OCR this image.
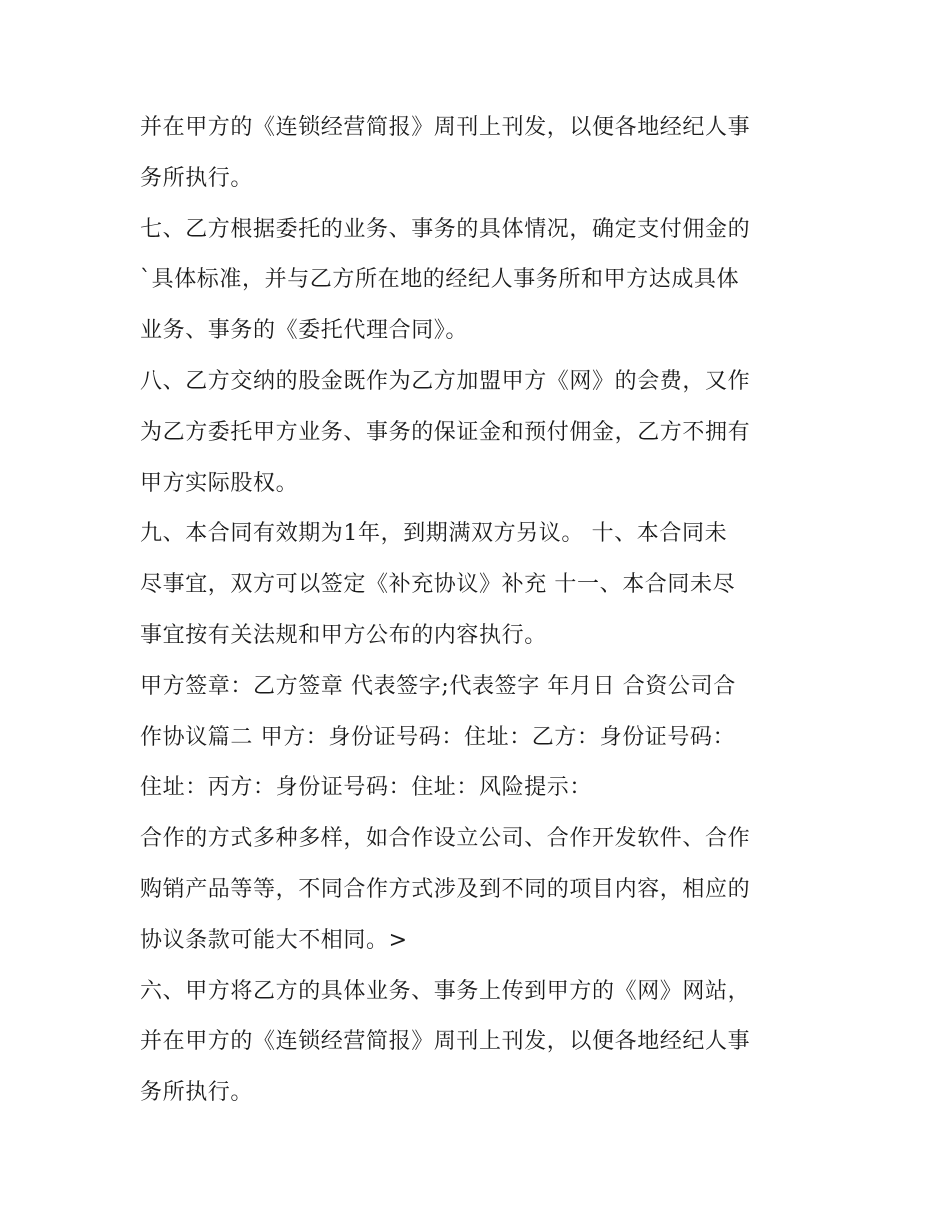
并在甲方的《连锁经营简报》周刊上刊发，以便各地经纪人事
务所执行。
七、乙方根据委托的业务、事务的具体情况，确定支付佣金的
`具体标准，并与乙方所在地的经纪人事务所和甲方达成具体
业务、事务的《委托代理合同》。
八、乙方交纳的股金既作为乙方加盟甲方《网》的会费，又作
为乙方委托甲方业务、事务的保证金和预付佣金，乙方不拥有
甲方实际股权。
九、本合同有效期为1年，到期满双方另议。 十、本合同未
尽事宜，双方可以签定《补充协议》补充 十一、本合同未尽
事宜按有关法规和甲方公布的内容执行。
甲方签章：乙方签章 代表签字;代表签字 年月日 合资公司合
作协议篇二 甲方：身份证号码：住址：乙方：身份证号码：
住址：丙方：身份证号码：住址：风险提示：
合作的方式多种多样，如合作设立公司、合作开发软件、合作
购销产品等等，不同合作方式涉及到不同的项目内容，相应的
协议条款可能大不相同。>
六、甲方将乙方的具体业务、事务上传到甲方的《网》网站，
并在甲方的《连锁经营简报》周刊上刊发，以便各地经纪人事
务所执行。
